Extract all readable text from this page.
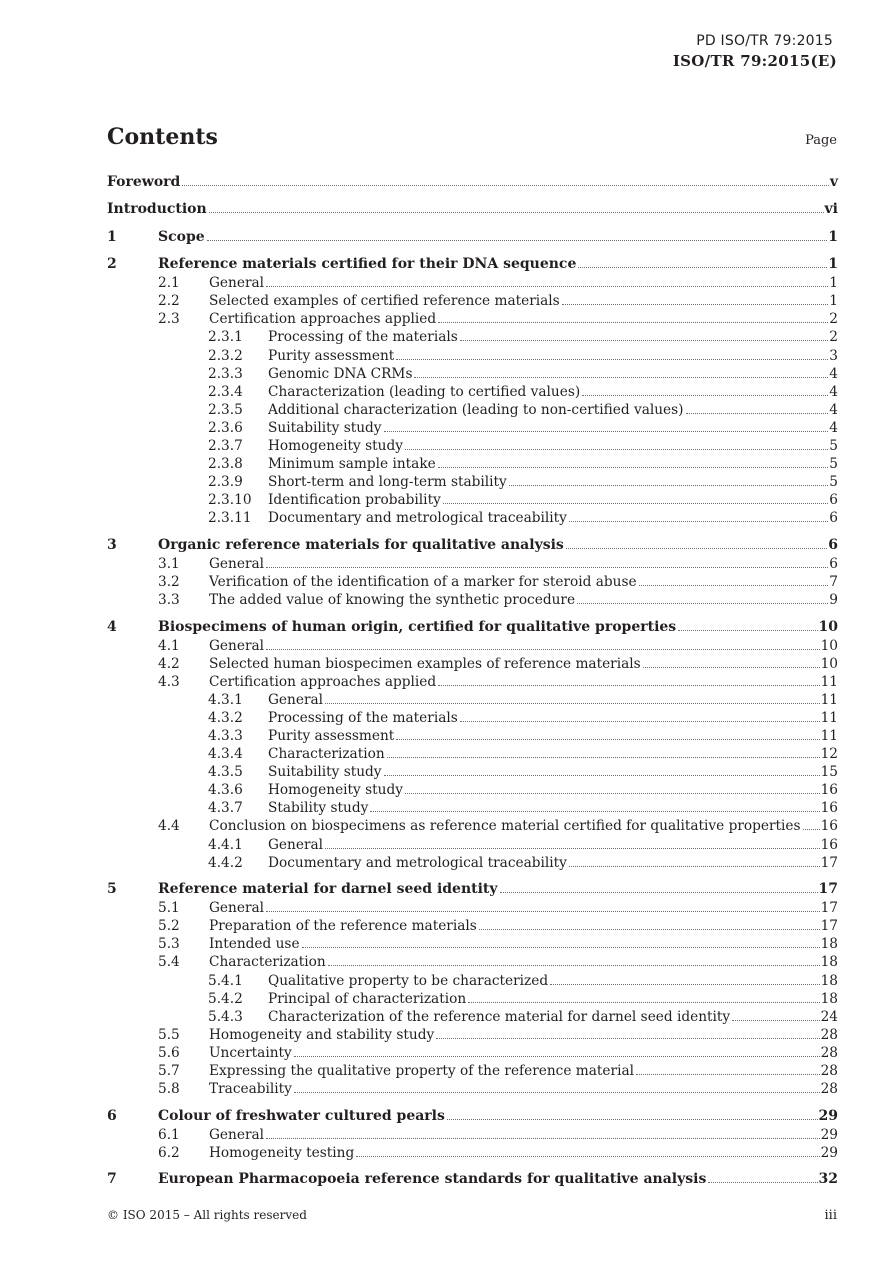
PD ISO/TR 79:2015
ISO/TR 79:2015(E)
Contents	Page
Foreword	v
Introduction	vi
1	Scope	1
2	Reference materials certified for their DNA sequence	1
2.1	General	1
2.2	Selected examples of certified reference materials	1
2.3	Certification approaches applied	2
2.3.1	Processing of the materials	2
2.3.2	Purity assessment	3
2.3.3	Genomic DNA CRMs	4
2.3.4	Characterization (leading to certified values)	4
2.3.5	Additional characterization (leading to non-certified values)	4
2.3.6	Suitability study	4
2.3.7	Homogeneity study	5
2.3.8	Minimum sample intake	5
2.3.9	Short-term and long-term stability	5
2.3.10	Identification probability	6
2.3.11	Documentary and metrological traceability	6
3	Organic reference materials for qualitative analysis	6
3.1	General	6
3.2	Verification of the identification of a marker for steroid abuse	7
3.3	The added value of knowing the synthetic procedure	9
4	Biospecimens of human origin, certified for qualitative properties	10
4.1	General	10
4.2	Selected human biospecimen examples of reference materials	10
4.3	Certification approaches applied	11
4.3.1	General	11
4.3.2	Processing of the materials	11
4.3.3	Purity assessment	11
4.3.4	Characterization	12
4.3.5	Suitability study	15
4.3.6	Homogeneity study	16
4.3.7	Stability study	16
4.4	Conclusion on biospecimens as reference material certified for qualitative properties 16
4.4.1	General	16
4.4.2	Documentary and metrological traceability	17
5	Reference material for darnel seed identity	17
5.1	General	17
5.2	Preparation of the reference materials	17
5.3	Intended use	18
5.4	Characterization	18
5.4.1	Qualitative property to be characterized	18
5.4.2	Principal of characterization	18
5.4.3	Characterization of the reference material for darnel seed identity	24
5.5	Homogeneity and stability study	28
5.6	Uncertainty	28
5.7	Expressing the qualitative property of the reference material	28
5.8	Traceability	28
6	Colour of freshwater cultured pearls	29
6.1	General	29
6.2	Homogeneity testing	29
7	European Pharmacopoeia reference standards for qualitative analysis	32
© ISO 2015 – All rights reserved	iii
